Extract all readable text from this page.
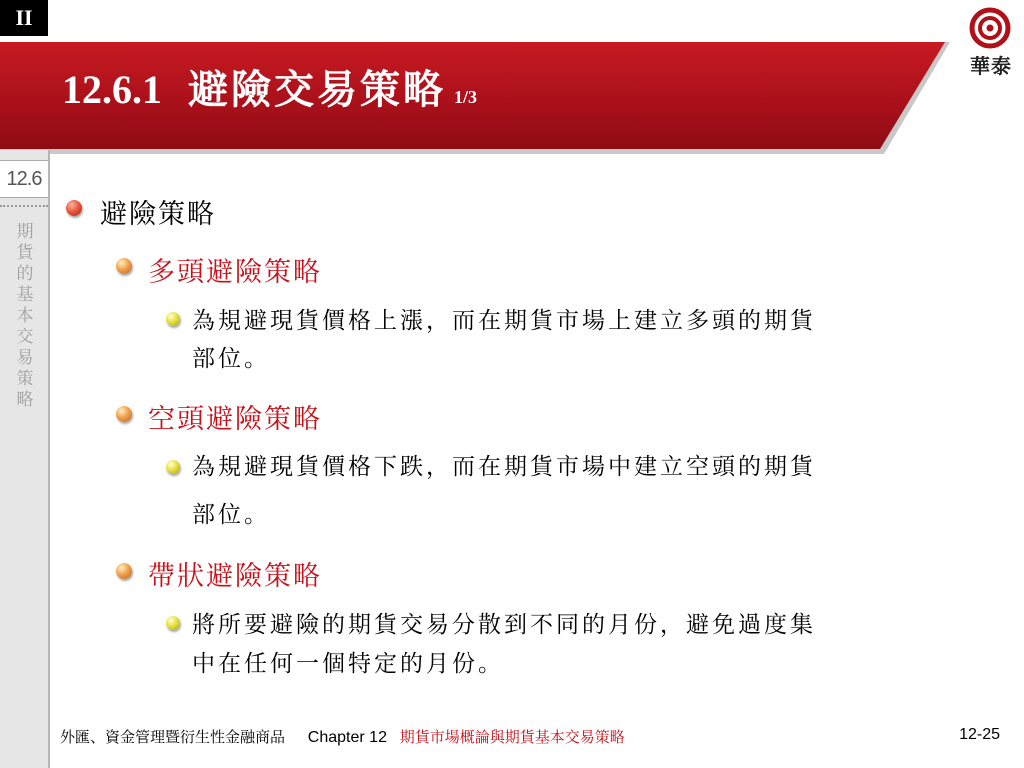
II
12.6.1 避險交易策略 1/3
華泰
12.6
期貨的基本交易策略
避險策略
多頭避險策略
為規避現貨價格上漲，而在期貨市場上建立多頭的期貨
部位。
空頭避險策略
為規避現貨價格下跌，而在期貨市場中建立空頭的期貨
部位。
帶狀避險策略
將所要避險的期貨交易分散到不同的月份，避免過度集
中在任何一個特定的月份。
外匯、資金管理暨衍生性金融商品 Chapter 12 期貨市場概論與期貨基本交易策略	12-25
